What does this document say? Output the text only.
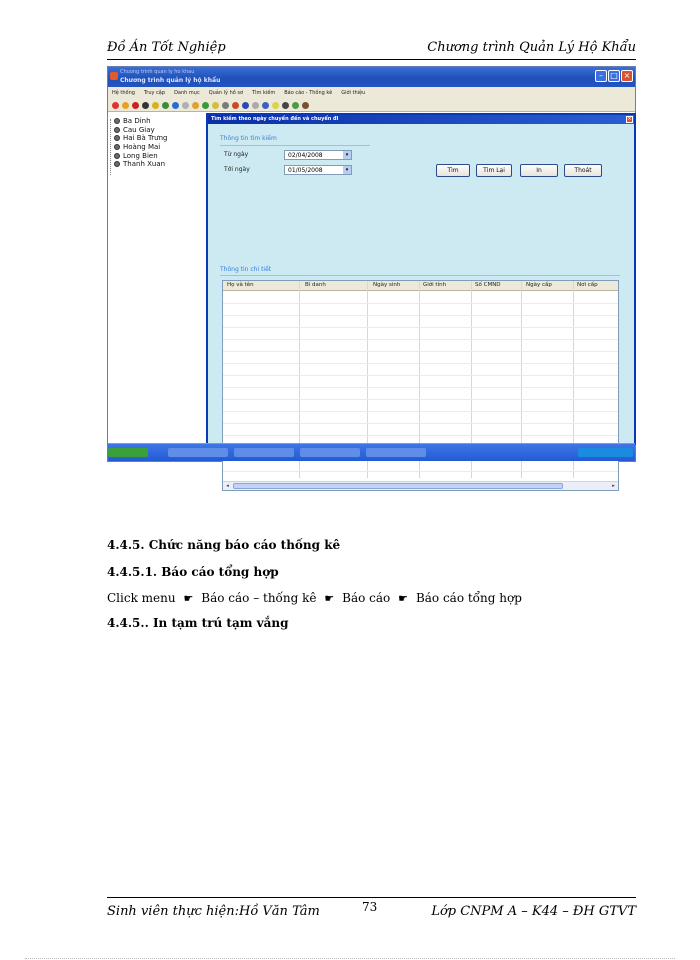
Đồ Án Tốt Nghiệp	Chương trình Quản Lý Hộ Khẩu
Chuong trinh quan ly ho khau
Chương trình quản lý hộ khẩu
– □ ×
Hệ thống Truy cập Danh mục Quản lý hồ sơ Tìm kiếm Báo cáo - Thống kê Giới thiệu
Ba Dinh
Cau Giay
Hai Bà Trưng
Hoàng Mai
Long Bien
Thanh Xuan
Tìm kiếm theo ngày chuyển đến và chuyển đi	×
Thông tin tìm kiếm
Từ ngày	02/04/2008	▾
Tới ngày	01/05/2008	▾	Tìm	Tìm Lại	In	Thoát
Thông tin chi tiết
Họ và tên	Bí danh	Ngày sinh	Giới tính	Số CMND	Ngày cấp	Nơi cấp
◂	▸
4.4.5. Chức năng báo cáo thống kê
4.4.5.1. Báo cáo tổng hợp
Click menu ☛ Báo cáo – thống kê ☛ Báo cáo ☛ Báo cáo tổng hợp
4.4.5.. In tạm trú tạm vắng
Sinh viên thực hiện:Hồ Văn Tâm	73	Lớp CNPM A – K44 – ĐH GTVT
